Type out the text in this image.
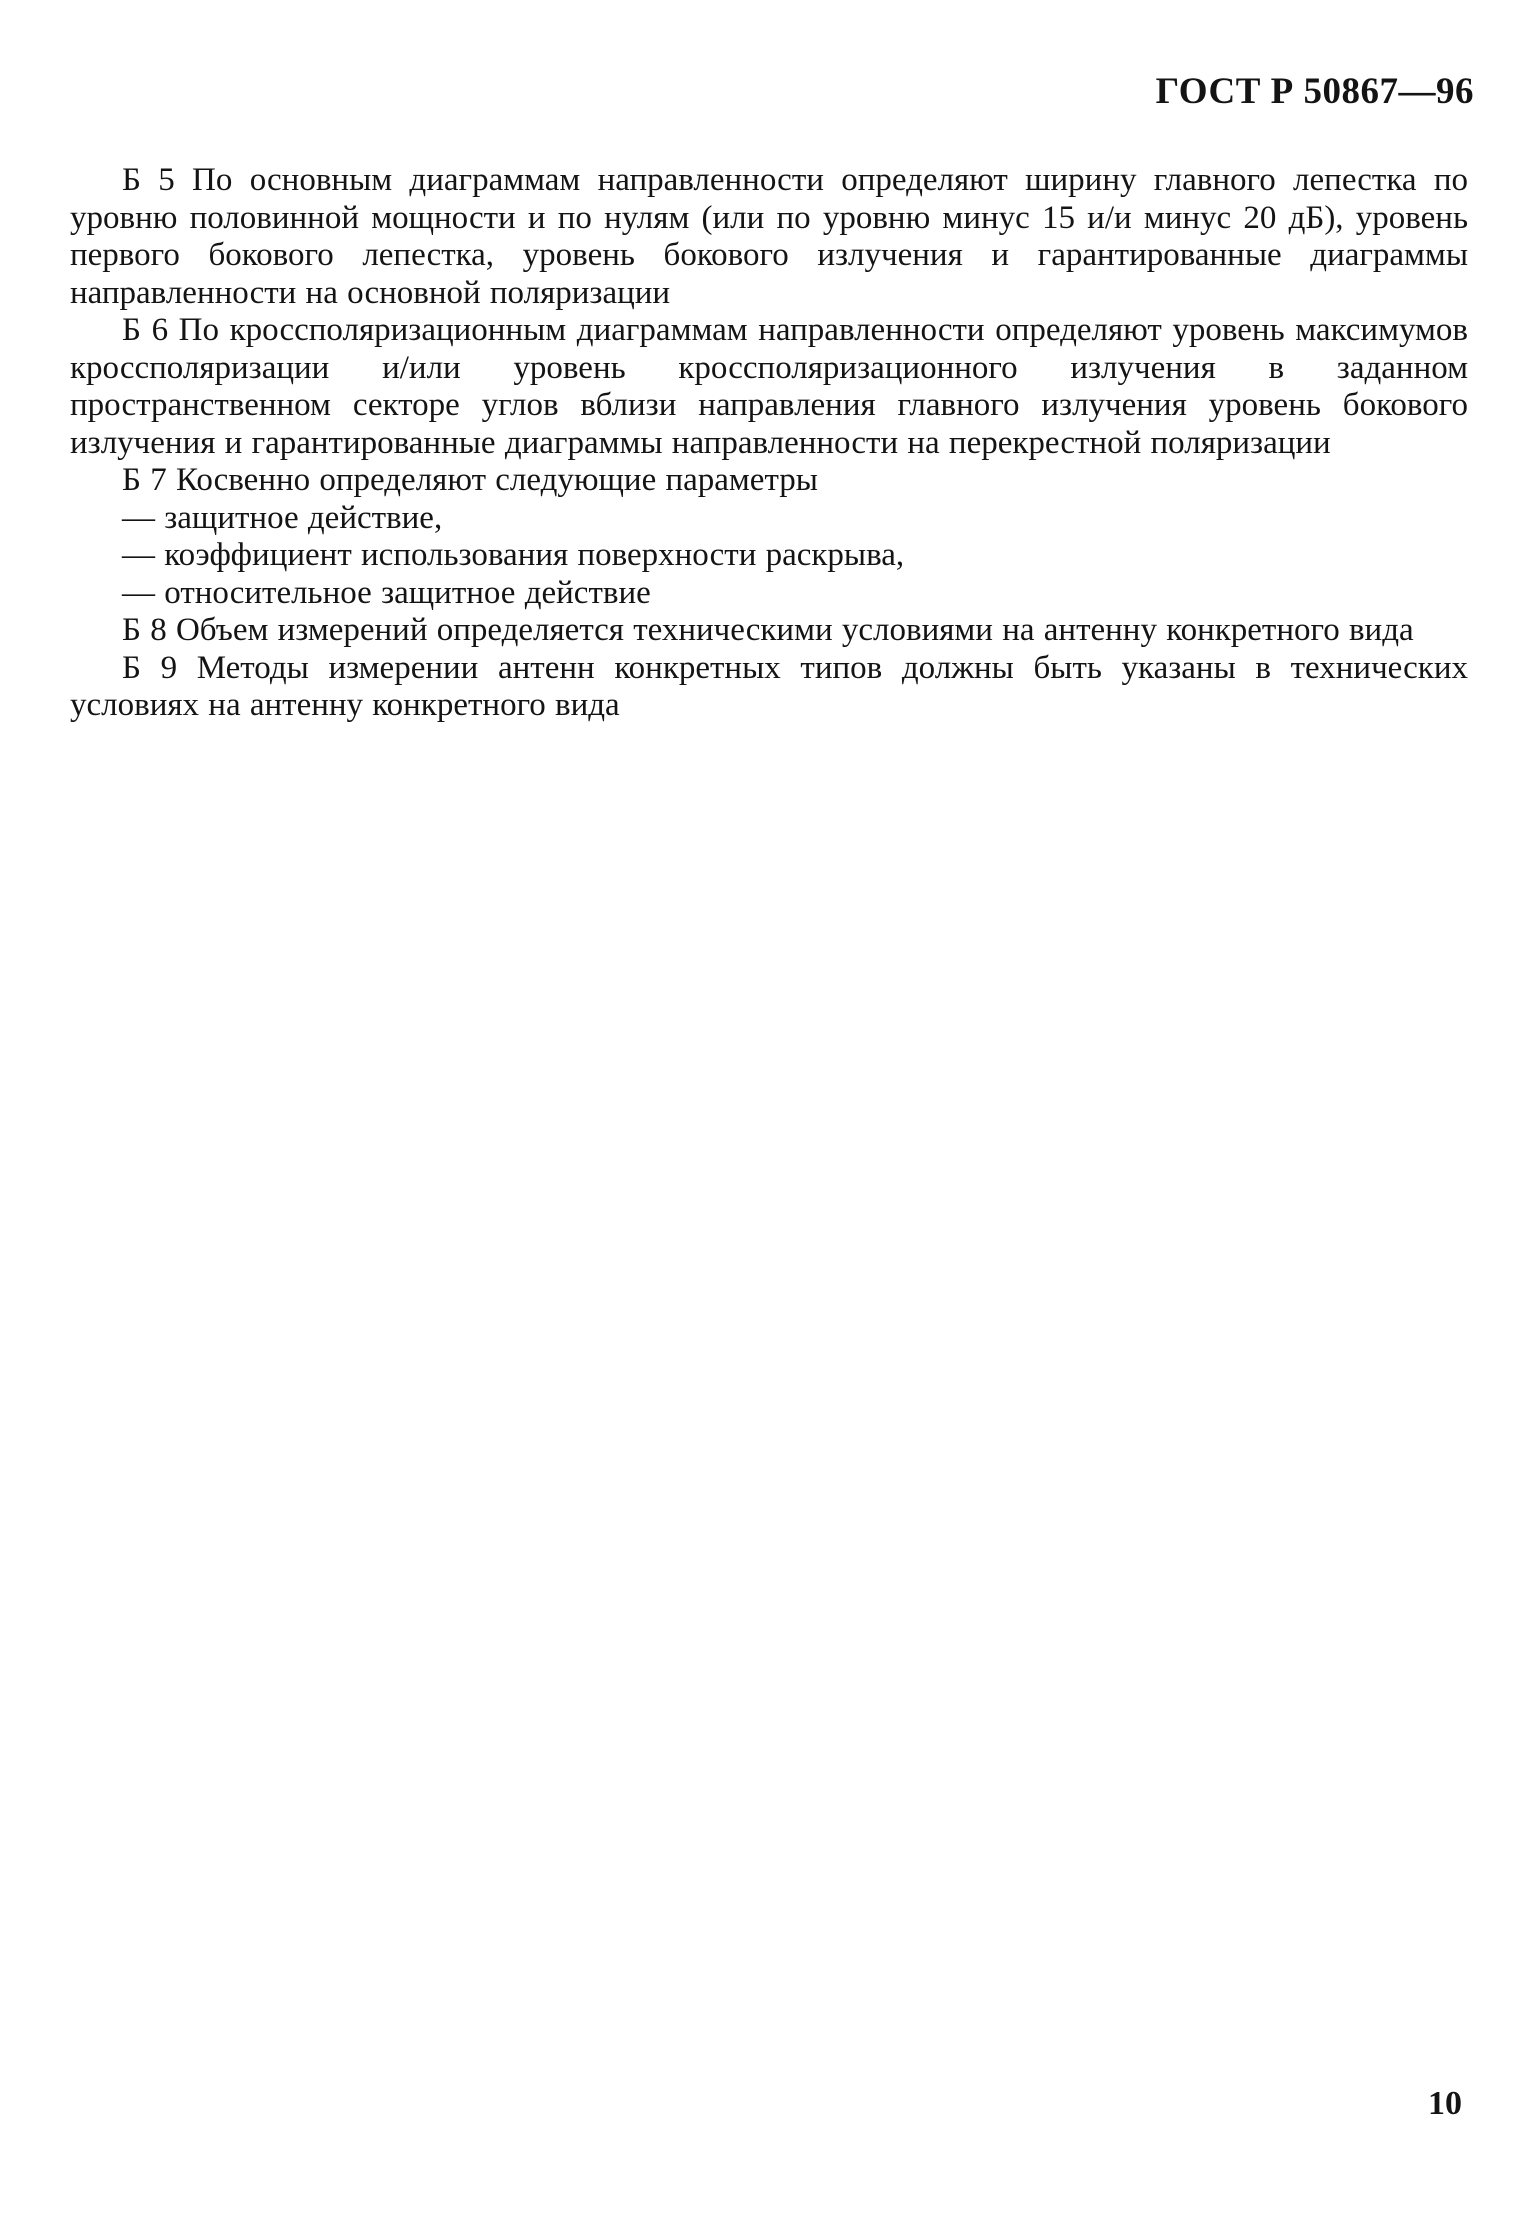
ГОСТ Р 50867—96

Б 5 По основным диаграммам направленности определяют ширину главного лепестка по уровню половинной мощности и по нулям (или по уровню минус 15 и/и минус 20 дБ), уровень первого бокового лепестка, уровень бокового излучения и гарантированные диаграммы направленности на основной поляризации

Б 6 По кроссполяризационным диаграммам направленности определяют уровень максимумов кроссполяризации и/или уровень кроссполяризационного излучения в заданном пространственном секторе углов вблизи направления главного излучения уровень бокового излучения и гарантированные диаграммы направленности на перекрестной поляризации

Б 7 Косвенно определяют следующие параметры

— защитное действие,

— коэффициент использования поверхности раскрыва,

— относительное защитное действие

Б 8 Объем измерений определяется техническими условиями на антенну конкретного вида

Б 9 Методы измерении антенн конкретных типов должны быть указаны в технических условиях на антенну конкретного вида

10
